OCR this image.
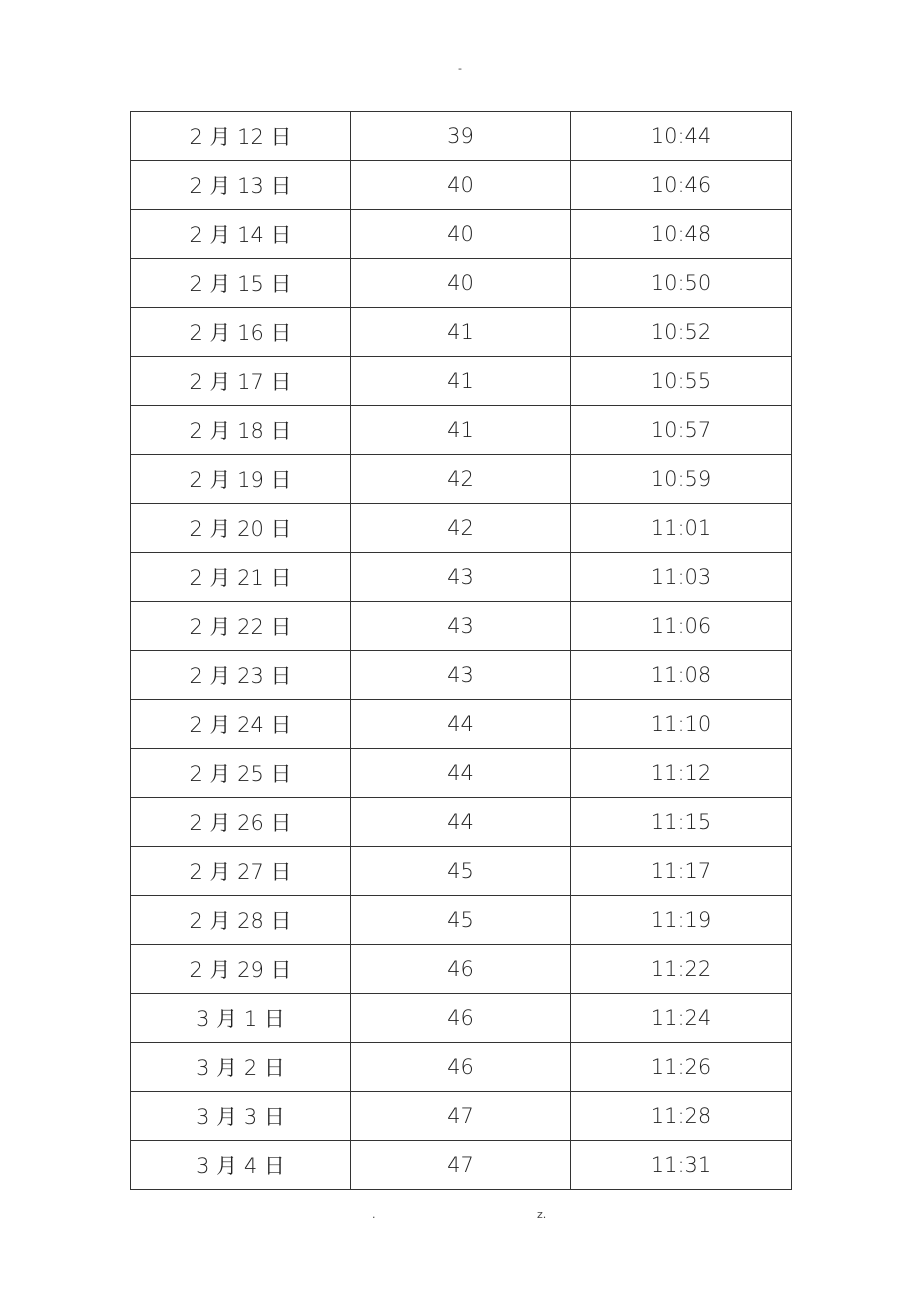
-
2 月 12 日	39	10:44
2 月 13 日	40	10:46
2 月 14 日	40	10:48
2 月 15 日	40	10:50
2 月 16 日	41	10:52
2 月 17 日	41	10:55
2 月 18 日	41	10:57
2 月 19 日	42	10:59
2 月 20 日	42	11:01
2 月 21 日	43	11:03
2 月 22 日	43	11:06
2 月 23 日	43	11:08
2 月 24 日	44	11:10
2 月 25 日	44	11:12
2 月 26 日	44	11:15
2 月 27 日	45	11:17
2 月 28 日	45	11:19
2 月 29 日	46	11:22
3 月 1 日	46	11:24
3 月 2 日	46	11:26
3 月 3 日	47	11:28
3 月 4 日	47	11:31
.	z.
